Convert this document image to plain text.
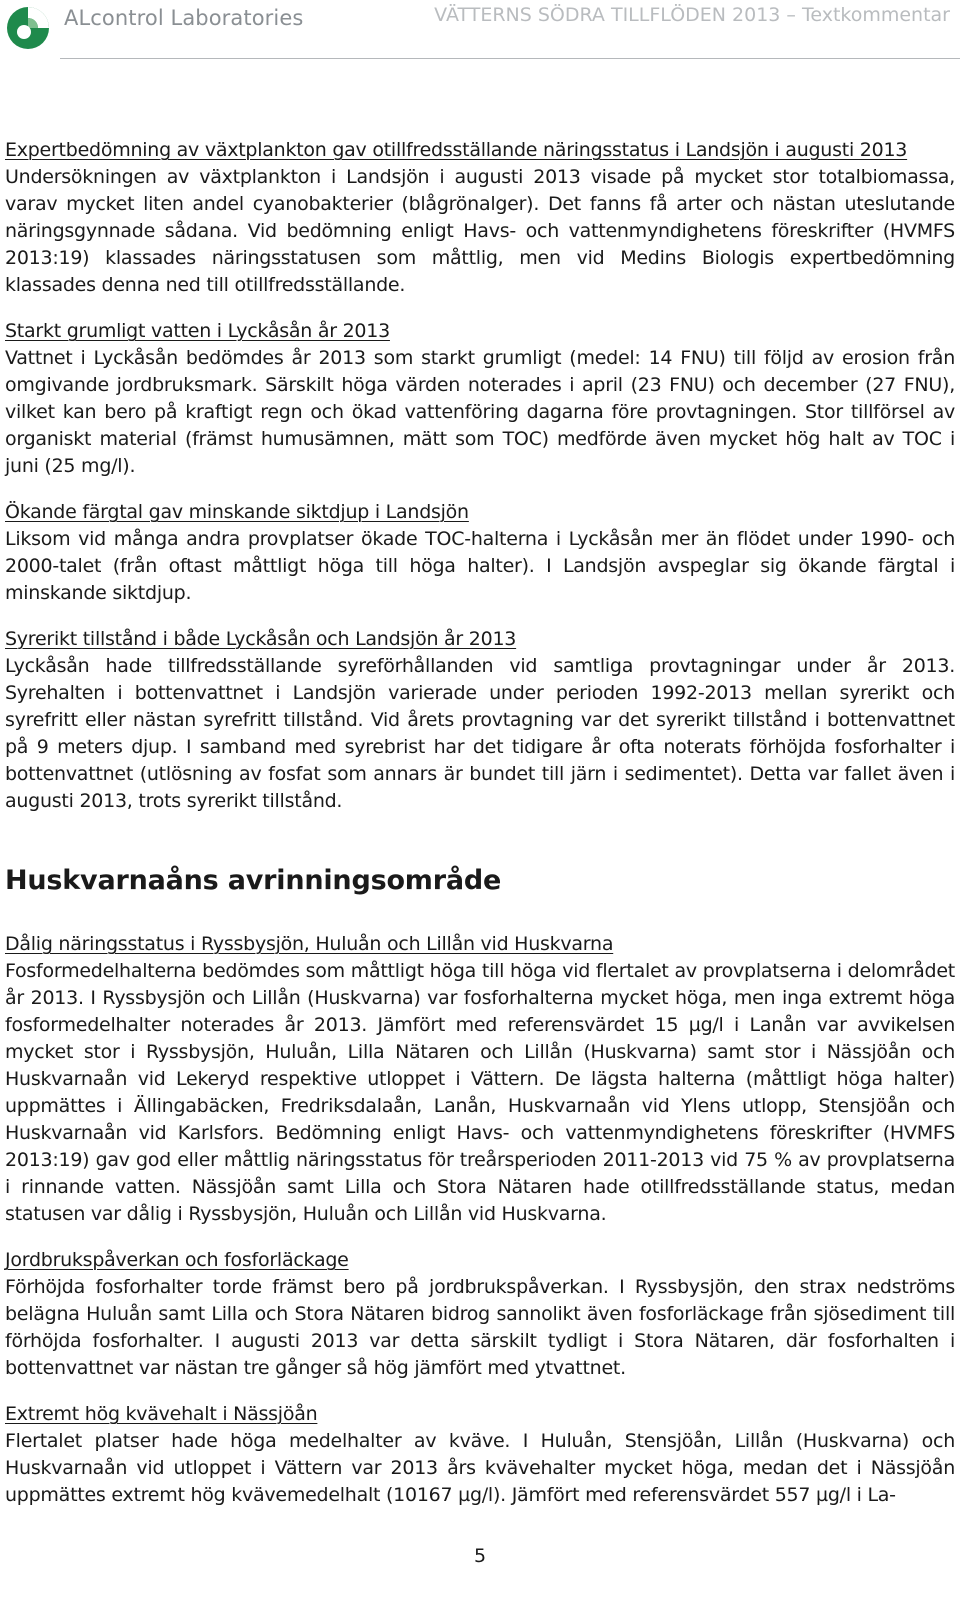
ALcontrol Laboratories	VÄTTERNS SÖDRA TILLFLÖDEN 2013 – Textkommentar
Expertbedömning av växtplankton gav otillfredsställande näringsstatus i Landsjön i augusti 2013
Undersökningen av växtplankton i Landsjön i augusti 2013 visade på mycket stor totalbiomassa, varav mycket liten andel cyanobakterier (blågrönalger). Det fanns få arter och nästan uteslutande näringsgynnade sådana. Vid bedömning enligt Havs- och vattenmyndighetens föreskrifter (HVMFS 2013:19) klassades näringsstatusen som måttlig, men vid Medins Biologis expertbedömning klassades denna ned till otillfredsställande.
Starkt grumligt vatten i Lyckåsån år 2013
Vattnet i Lyckåsån bedömdes år 2013 som starkt grumligt (medel: 14 FNU) till följd av erosion från omgivande jordbruksmark. Särskilt höga värden noterades i april (23 FNU) och december (27 FNU), vilket kan bero på kraftigt regn och ökad vattenföring dagarna före provtagningen. Stor tillförsel av organiskt material (främst humusämnen, mätt som TOC) medförde även mycket hög halt av TOC i juni (25 mg/l).
Ökande färgtal gav minskande siktdjup i Landsjön
Liksom vid många andra provplatser ökade TOC-halterna i Lyckåsån mer än flödet under 1990- och 2000-talet (från oftast måttligt höga till höga halter). I Landsjön avspeglar sig ökande färgtal i minskande siktdjup.
Syrerikt tillstånd i både Lyckåsån och Landsjön år 2013
Lyckåsån hade tillfredsställande syreförhållanden vid samtliga provtagningar under år 2013. Syrehalten i bottenvattnet i Landsjön varierade under perioden 1992-2013 mellan syrerikt och syrefritt eller nästan syrefritt tillstånd. Vid årets provtagning var det syrerikt tillstånd i bottenvattnet på 9 meters djup. I samband med syrebrist har det tidigare år ofta noterats förhöjda fosforhalter i bottenvattnet (utlösning av fosfat som annars är bundet till järn i sedimentet). Detta var fallet även i augusti 2013, trots syrerikt tillstånd.
Huskvarnaåns avrinningsområde
Dålig näringsstatus i Ryssbysjön, Huluån och Lillån vid Huskvarna
Fosformedelhalterna bedömdes som måttligt höga till höga vid flertalet av provplatserna i delområdet år 2013. I Ryssbysjön och Lillån (Huskvarna) var fosforhalterna mycket höga, men inga extremt höga fosformedelhalter noterades år 2013. Jämfört med referensvärdet 15 µg/l i Lanån var avvikelsen mycket stor i Ryssbysjön, Huluån, Lilla Nätaren och Lillån (Huskvarna) samt stor i Nässjöån och Huskvarnaån vid Lekeryd respektive utloppet i Vättern. De lägsta halterna (måttligt höga halter) uppmättes i Ällingabäcken, Fredriksdalaån, Lanån, Huskvarnaån vid Ylens utlopp, Stensjöån och Huskvarnaån vid Karlsfors. Bedömning enligt Havs- och vattenmyndighetens föreskrifter (HVMFS 2013:19) gav god eller måttlig näringsstatus för treårsperioden 2011-2013 vid 75 % av provplatserna i rinnande vatten. Nässjöån samt Lilla och Stora Nätaren hade otillfredsställande status, medan statusen var dålig i Ryssbysjön, Huluån och Lillån vid Huskvarna.
Jordbrukspåverkan och fosforläckage
Förhöjda fosforhalter torde främst bero på jordbrukspåverkan. I Ryssbysjön, den strax nedströms belägna Huluån samt Lilla och Stora Nätaren bidrog sannolikt även fosforläckage från sjösediment till förhöjda fosforhalter. I augusti 2013 var detta särskilt tydligt i Stora Nätaren, där fosforhalten i bottenvattnet var nästan tre gånger så hög jämfört med ytvattnet.
Extremt hög kvävehalt i Nässjöån
Flertalet platser hade höga medelhalter av kväve. I Huluån, Stensjöån, Lillån (Huskvarna) och Huskvarnaån vid utloppet i Vättern var 2013 års kvävehalter mycket höga, medan det i Nässjöån uppmättes extremt hög kvävemedelhalt (10167 µg/l). Jämfört med referensvärdet 557 µg/l i La-
5
